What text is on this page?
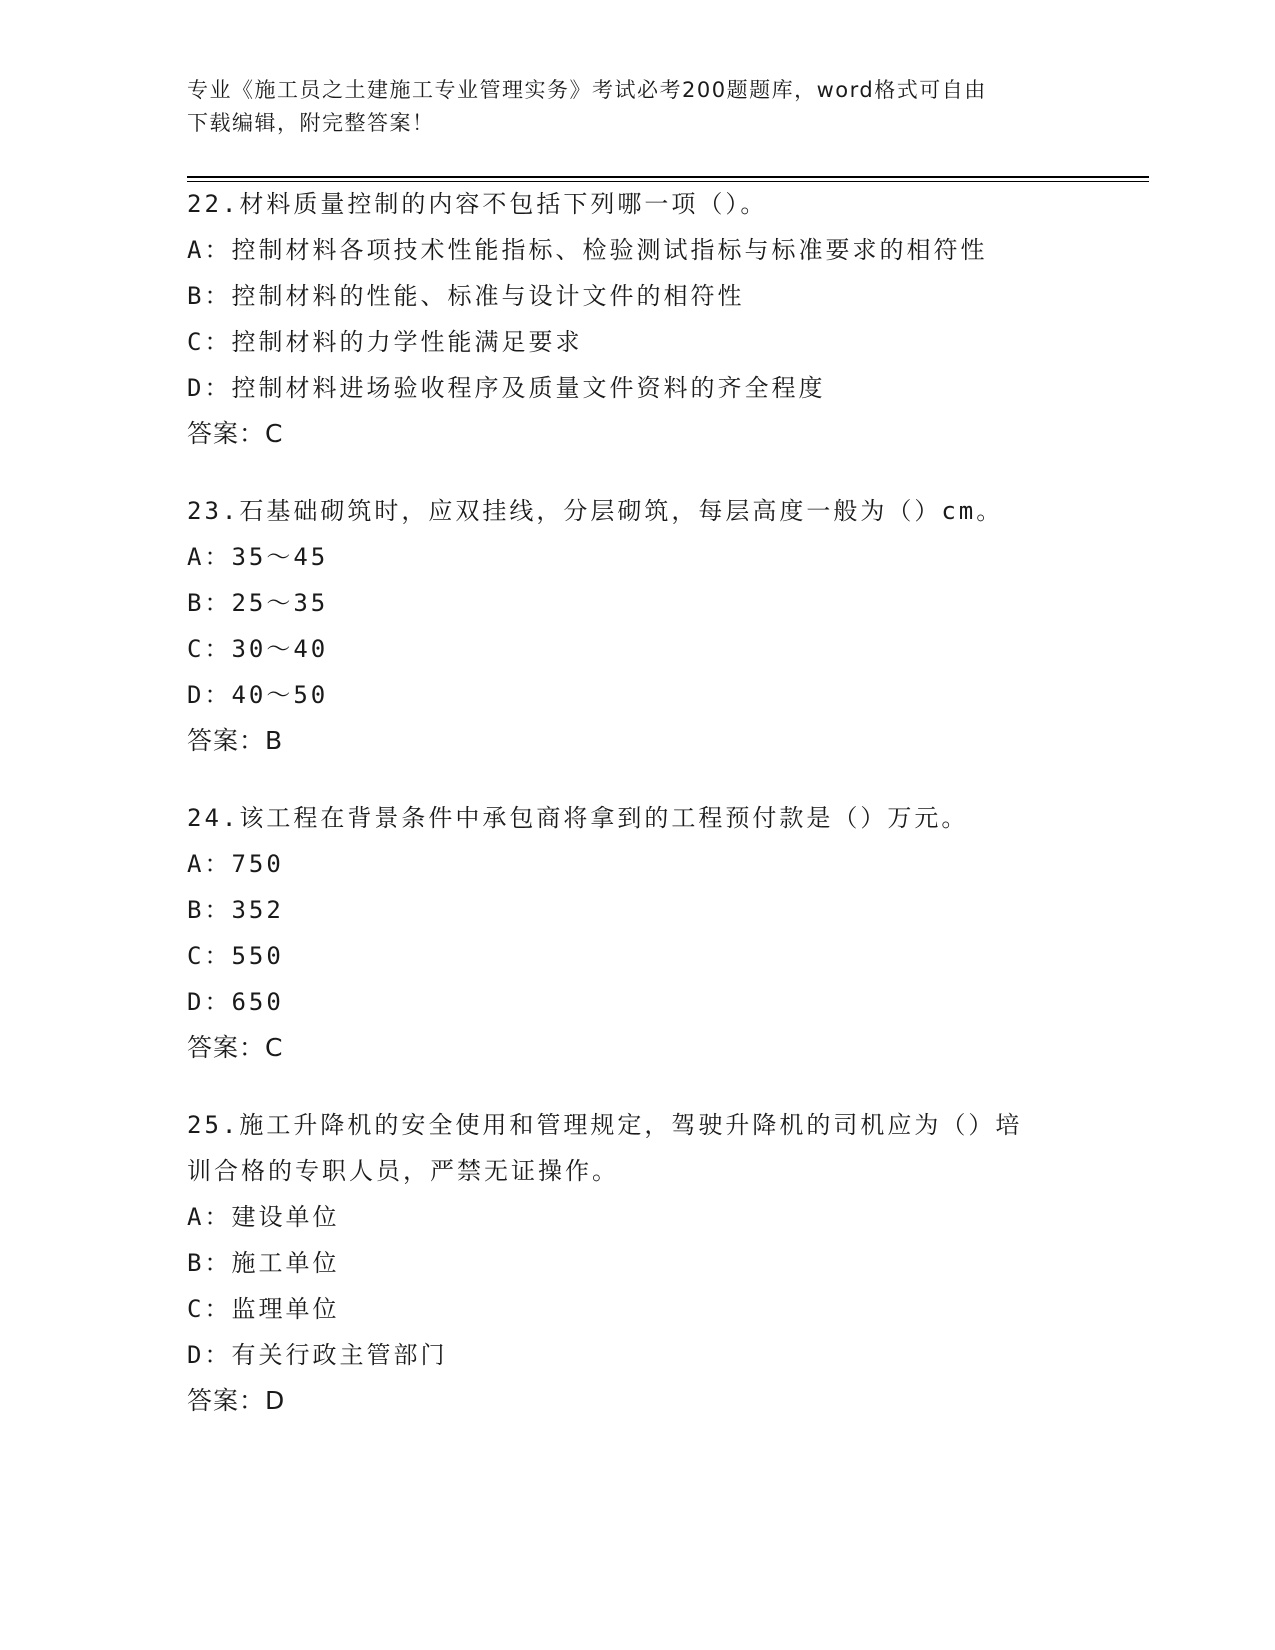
专业《施工员之土建施工专业管理实务》考试必考200题题库，word格式可自由
下载编辑，附完整答案！
22.材料质量控制的内容不包括下列哪一项（）。
A：控制材料各项技术性能指标、检验测试指标与标准要求的相符性
B：控制材料的性能、标准与设计文件的相符性
C：控制材料的力学性能满足要求
D：控制材料进场验收程序及质量文件资料的齐全程度
答案：C
23.石基础砌筑时，应双挂线，分层砌筑，每层高度一般为（）cm。
A：35～45
B：25～35
C：30～40
D：40～50
答案：B
24.该工程在背景条件中承包商将拿到的工程预付款是（）万元。
A：750
B：352
C：550
D：650
答案：C
25.施工升降机的安全使用和管理规定，驾驶升降机的司机应为（）培
训合格的专职人员，严禁无证操作。
A：建设单位
B：施工单位
C：监理单位
D：有关行政主管部门
答案：D
